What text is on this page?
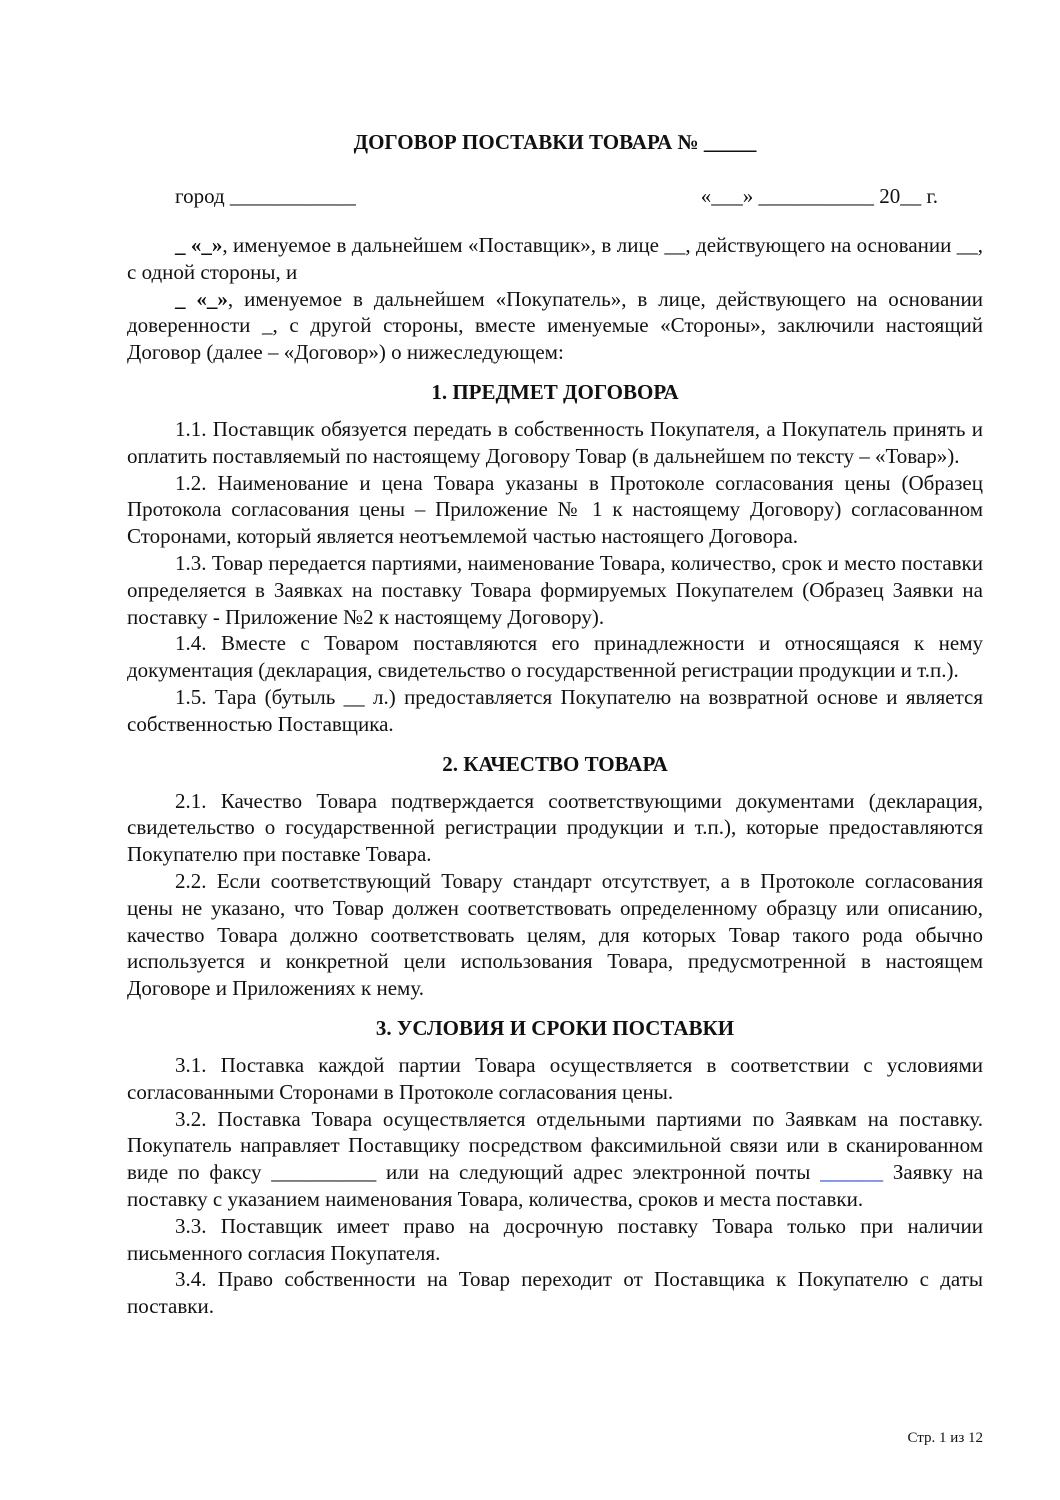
ДОГОВОР ПОСТАВКИ ТОВАРА № _____
город ____________	«___» ___________ 20__ г.

_ «_», именуемое в дальнейшем «Поставщик», в лице __, действующего на основании __, с одной стороны, и

_ «_», именуемое в дальнейшем «Покупатель», в лице, действующего на основании доверенности _, с другой стороны, вместе именуемые «Стороны», заключили настоящий Договор (далее – «Договор») о нижеследующем:

1. ПРЕДМЕТ ДОГОВОРА

1.1. Поставщик обязуется передать в собственность Покупателя, а Покупатель принять и оплатить поставляемый по настоящему Договору Товар (в дальнейшем по тексту – «Товар»).

1.2. Наименование и цена Товара указаны в Протоколе согласования цены (Образец Протокола согласования цены – Приложение № 1 к настоящему Договору) согласованном Сторонами, который является неотъемлемой частью настоящего Договора.

1.3. Товар передается партиями, наименование Товара, количество, срок и место поставки определяется в Заявках на поставку Товара формируемых Покупателем (Образец Заявки на поставку - Приложение №2 к настоящему Договору).

1.4. Вместе с Товаром поставляются его принадлежности и относящаяся к нему документация (декларация, свидетельство о государственной регистрации продукции и т.п.).

1.5. Тара (бутыль __ л.) предоставляется Покупателю на возвратной основе и является собственностью Поставщика.

2. КАЧЕСТВО ТОВАРА

2.1. Качество Товара подтверждается соответствующими документами (декларация, свидетельство о государственной регистрации продукции и т.п.), которые предоставляются Покупателю при поставке Товара.

2.2. Если соответствующий Товару стандарт отсутствует, а в Протоколе согласования цены не указано, что Товар должен соответствовать определенному образцу или описанию, качество Товара должно соответствовать целям, для которых Товар такого рода обычно используется и конкретной цели использования Товара, предусмотренной в настоящем Договоре и Приложениях к нему.

3. УСЛОВИЯ И СРОКИ ПОСТАВКИ

3.1. Поставка каждой партии Товара осуществляется в соответствии с условиями согласованными Сторонами в Протоколе согласования цены.

3.2. Поставка Товара осуществляется отдельными партиями по Заявкам на поставку. Покупатель направляет Поставщику посредством факсимильной связи или в сканированном виде по факсу __________ или на следующий адрес электронной почты ______ Заявку на поставку с указанием наименования Товара, количества, сроков и места поставки.

3.3. Поставщик имеет право на досрочную поставку Товара только при наличии письменного согласия Покупателя.

3.4. Право собственности на Товар переходит от Поставщика к Покупателю с даты поставки.

Стр. 1 из 12
